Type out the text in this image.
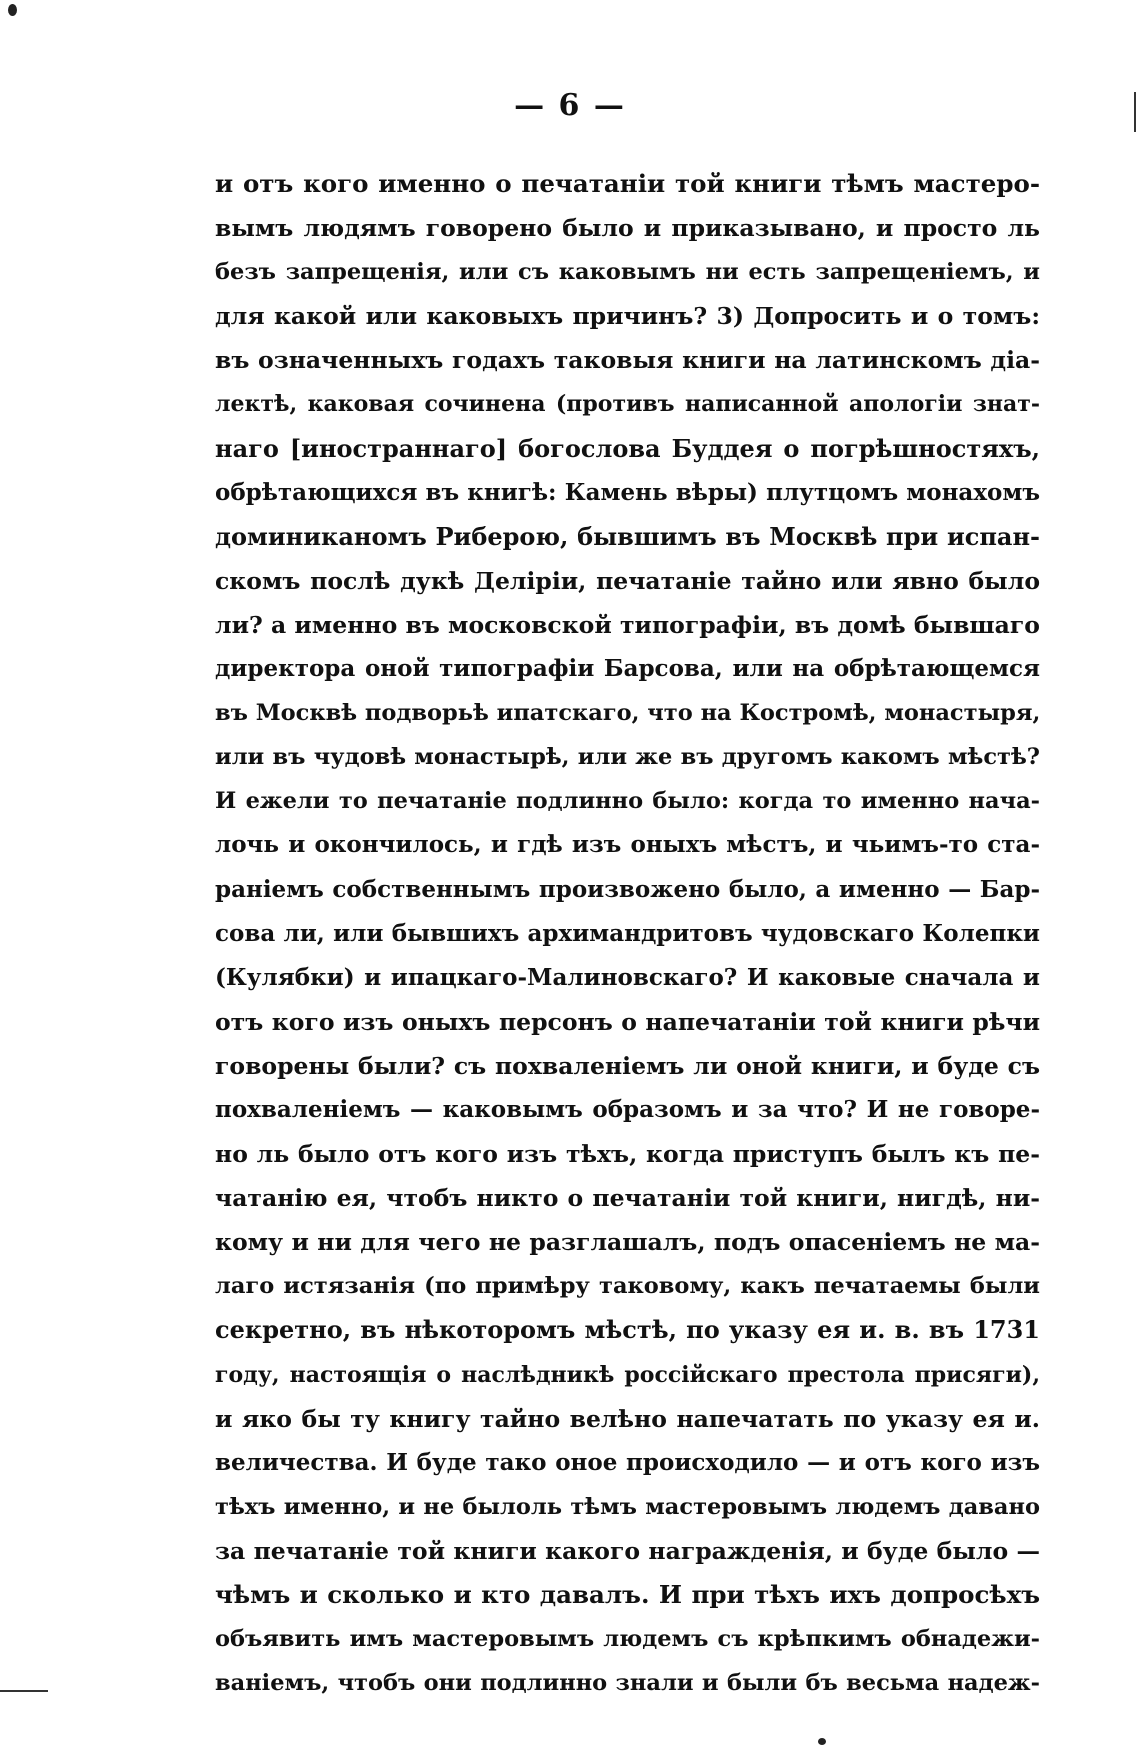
— 6 —
и отъ кого именно о печатаніи той книги тѣмъ мастеро-
вымъ людямъ говорено было и приказывано, и просто ль
безъ запрещенія, или съ каковымъ ни есть запрещеніемъ, и
для какой или каковыхъ причинъ? 3) Допросить и о томъ:
въ означенныхъ годахъ таковыя книги на латинскомъ діа-
лектѣ, каковая сочинена (противъ написанной апологіи знат-
наго [иностраннаго] богослова Буддея о погрѣшностяхъ,
обрѣтающихся въ книгѣ: Камень вѣры) плутцомъ монахомъ
доминиканомъ Риберою, бывшимъ въ Москвѣ при испан-
скомъ послѣ дукѣ Деліріи, печатаніе тайно или явно было
ли? а именно въ московской типографіи, въ домѣ бывшаго
директора оной типографіи Барсова, или на обрѣтающемся
въ Москвѣ подворьѣ ипатскаго, что на Костромѣ, монастыря,
или въ чудовѣ монастырѣ, или же въ другомъ какомъ мѣстѣ?
И ежели то печатаніе подлинно было: когда то именно нача-
лочь и окончилось, и гдѣ изъ оныхъ мѣстъ, и чьимъ-то ста-
раніемъ собственнымъ произвожено было, а именно — Бар-
сова ли, или бывшихъ архимандритовъ чудовскаго Колепки
(Кулябки) и ипацкаго-Малиновскаго? И каковые сначала и
отъ кого изъ оныхъ персонъ о напечатаніи той книги рѣчи
говорены были? съ похваленіемъ ли оной книги, и буде съ
похваленіемъ — каковымъ образомъ и за что? И не говоре-
но ль было отъ кого изъ тѣхъ, когда приступъ былъ къ пе-
чатанію ея, чтобъ никто о печатаніи той книги, нигдѣ, ни-
кому и ни для чего не разглашалъ, подъ опасеніемъ не ма-
лаго истязанія (по примѣру таковому, какъ печатаемы были
секретно, въ нѣкоторомъ мѣстѣ, по указу ея и. в. въ 1731
году, настоящія о наслѣдникѣ россійскаго престола присяги),
и яко бы ту книгу тайно велѣно напечатать по указу ея и.
величества. И буде тако оное происходило — и отъ кого изъ
тѣхъ именно, и не былоль тѣмъ мастеровымъ людемъ давано
за печатаніе той книги какого награжденія, и буде было —
чѣмъ и сколько и кто давалъ. И при тѣхъ ихъ допросѣхъ
объявить имъ мастеровымъ людемъ съ крѣпкимъ обнадежи-
ваніемъ, чтобъ они подлинно знали и были бъ весьма надеж-
